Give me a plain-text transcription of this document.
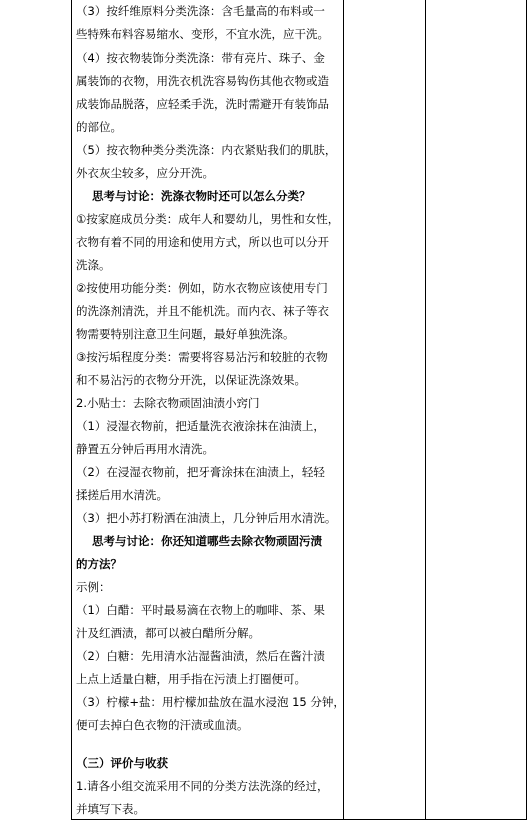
（3）按纤维原料分类洗涤：含毛量高的布料或一
些特殊布料容易缩水、变形，不宜水洗，应干洗。
（4）按衣物装饰分类洗涤：带有亮片、珠子、金
属装饰的衣物，用洗衣机洗容易钩伤其他衣物或造
成装饰品脱落，应轻柔手洗，洗时需避开有装饰品
的部位。
（5）按衣物种类分类洗涤：内衣紧贴我们的肌肤，
外衣灰尘较多，应分开洗。
思考与讨论：洗涤衣物时还可以怎么分类？
①按家庭成员分类：成年人和婴幼儿，男性和女性，
衣物有着不同的用途和使用方式，所以也可以分开
洗涤。
②按使用功能分类：例如，防水衣物应该使用专门
的洗涤剂清洗，并且不能机洗。而内衣、袜子等衣
物需要特别注意卫生问题，最好单独洗涤。
③按污垢程度分类：需要将容易沾污和较脏的衣物
和不易沾污的衣物分开洗，以保证洗涤效果。
2.小贴士：去除衣物顽固油渍小窍门
（1）浸湿衣物前，把适量洗衣液涂抹在油渍上，
静置五分钟后再用水清洗。
（2）在浸湿衣物前，把牙膏涂抹在油渍上，轻轻
揉搓后用水清洗。
（3）把小苏打粉洒在油渍上，几分钟后用水清洗。
思考与讨论：你还知道哪些去除衣物顽固污渍
的方法？
示例：
（1）白醋：平时最易滴在衣物上的咖啡、茶、果
汁及红酒渍，都可以被白醋所分解。
（2）白糖：先用清水沾湿酱油渍，然后在酱汁渍
上点上适量白糖，用手指在污渍上打圈便可。
（3）柠檬+盐：用柠檬加盐放在温水浸泡 15 分钟，
便可去掉白色衣物的汗渍或血渍。
（三）评价与收获
1.请各小组交流采用不同的分类方法洗涤的经过，
并填写下表。
